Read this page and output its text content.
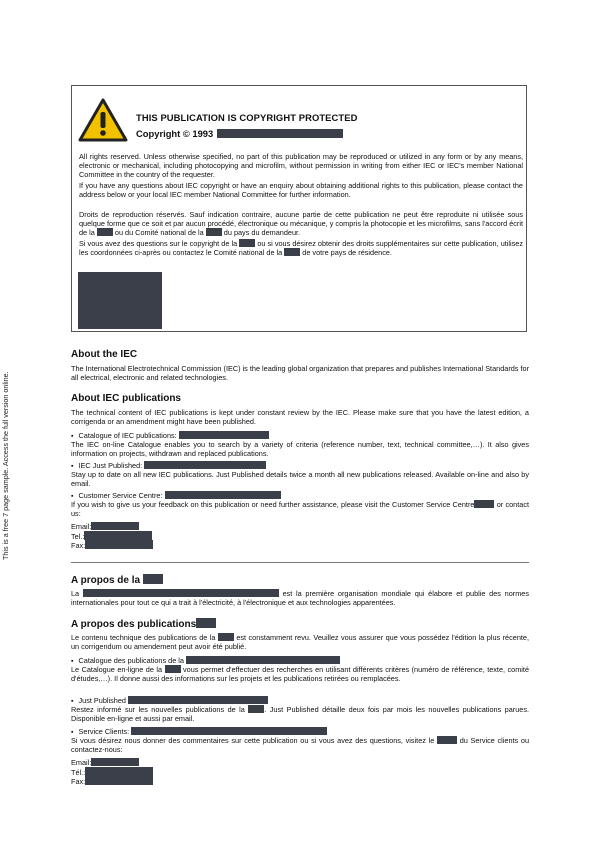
This is a free 7 page sample. Access the full version online.
THIS PUBLICATION IS COPYRIGHT PROTECTED
Copyright © 1993
All rights reserved. Unless otherwise specified, no part of this publication may be reproduced or utilized in any form or by any means, electronic or mechanical, including photocopying and microfilm, without permission in writing from either IEC or IEC's member National Committee in the country of the requester.
If you have any questions about IEC copyright or have an enquiry about obtaining additional rights to this publication, please contact the address below or your local IEC member National Committee for further information.
Droits de reproduction réservés. Sauf indication contraire, aucune partie de cette publication ne peut être reproduite ni utilisée sous quelque forme que ce soit et par aucun procédé, électronique ou mécanique, y compris la photocopie et les microfilms, sans l'accord écrit de la	ou du Comité national de la	du pays du demandeur.
Si vous avez des questions sur le copyright de la	ou si vous désirez obtenir des droits supplémentaires sur cette publication, utilisez les coordonnées ci-après ou contactez le Comité national de la	de votre pays de résidence.
About the IEC
The International Electrotechnical Commission (IEC) is the leading global organization that prepares and publishes International Standards for all electrical, electronic and related technologies.
About IEC publications
The technical content of IEC publications is kept under constant review by the IEC. Please make sure that you have the latest edition, a corrigenda or an amendment might have been published.
▪ Catalogue of IEC publications:
The IEC on-line Catalogue enables you to search by a variety of criteria (reference number, text, technical committee,…). It also gives information on projects, withdrawn and replaced publications.
▪ IEC Just Published:
Stay up to date on all new IEC publications. Just Published details twice a month all new publications released. Available on-line and also by email.
▪ Customer Service Centre:
If you wish to give us your feedback on this publication or need further assistance, please visit the Customer Service Centre	or contact us:
Email:
Tel.:
Fax:
A propos de la
La	est la première organisation mondiale qui élabore et publie des normes internationales pour tout ce qui a trait à l'électricité, à l'électronique et aux technologies apparentées.
A propos des publications
Le contenu technique des publications de la	est constamment revu. Veuillez vous assurer que vous possédez l'édition la plus récente, un corrigendum ou amendement peut avoir été publié.
▪ Catalogue des publications de la
Le Catalogue en-ligne de la	vous permet d'effectuer des recherches en utilisant différents critères (numéro de référence, texte, comité d'études,…). Il donne aussi des informations sur les projets et les publications retirées ou remplacées.
▪ Just Published
Restez informé sur les nouvelles publications de la	. Just Published détaille deux fois par mois les nouvelles publications parues. Disponible en-ligne et aussi par email.
▪ Service Clients:
Si vous désirez nous donner des commentaires sur cette publication ou si vous avez des questions, visitez le	du Service clients ou contactez-nous:
Email:
Tél.:
Fax:
